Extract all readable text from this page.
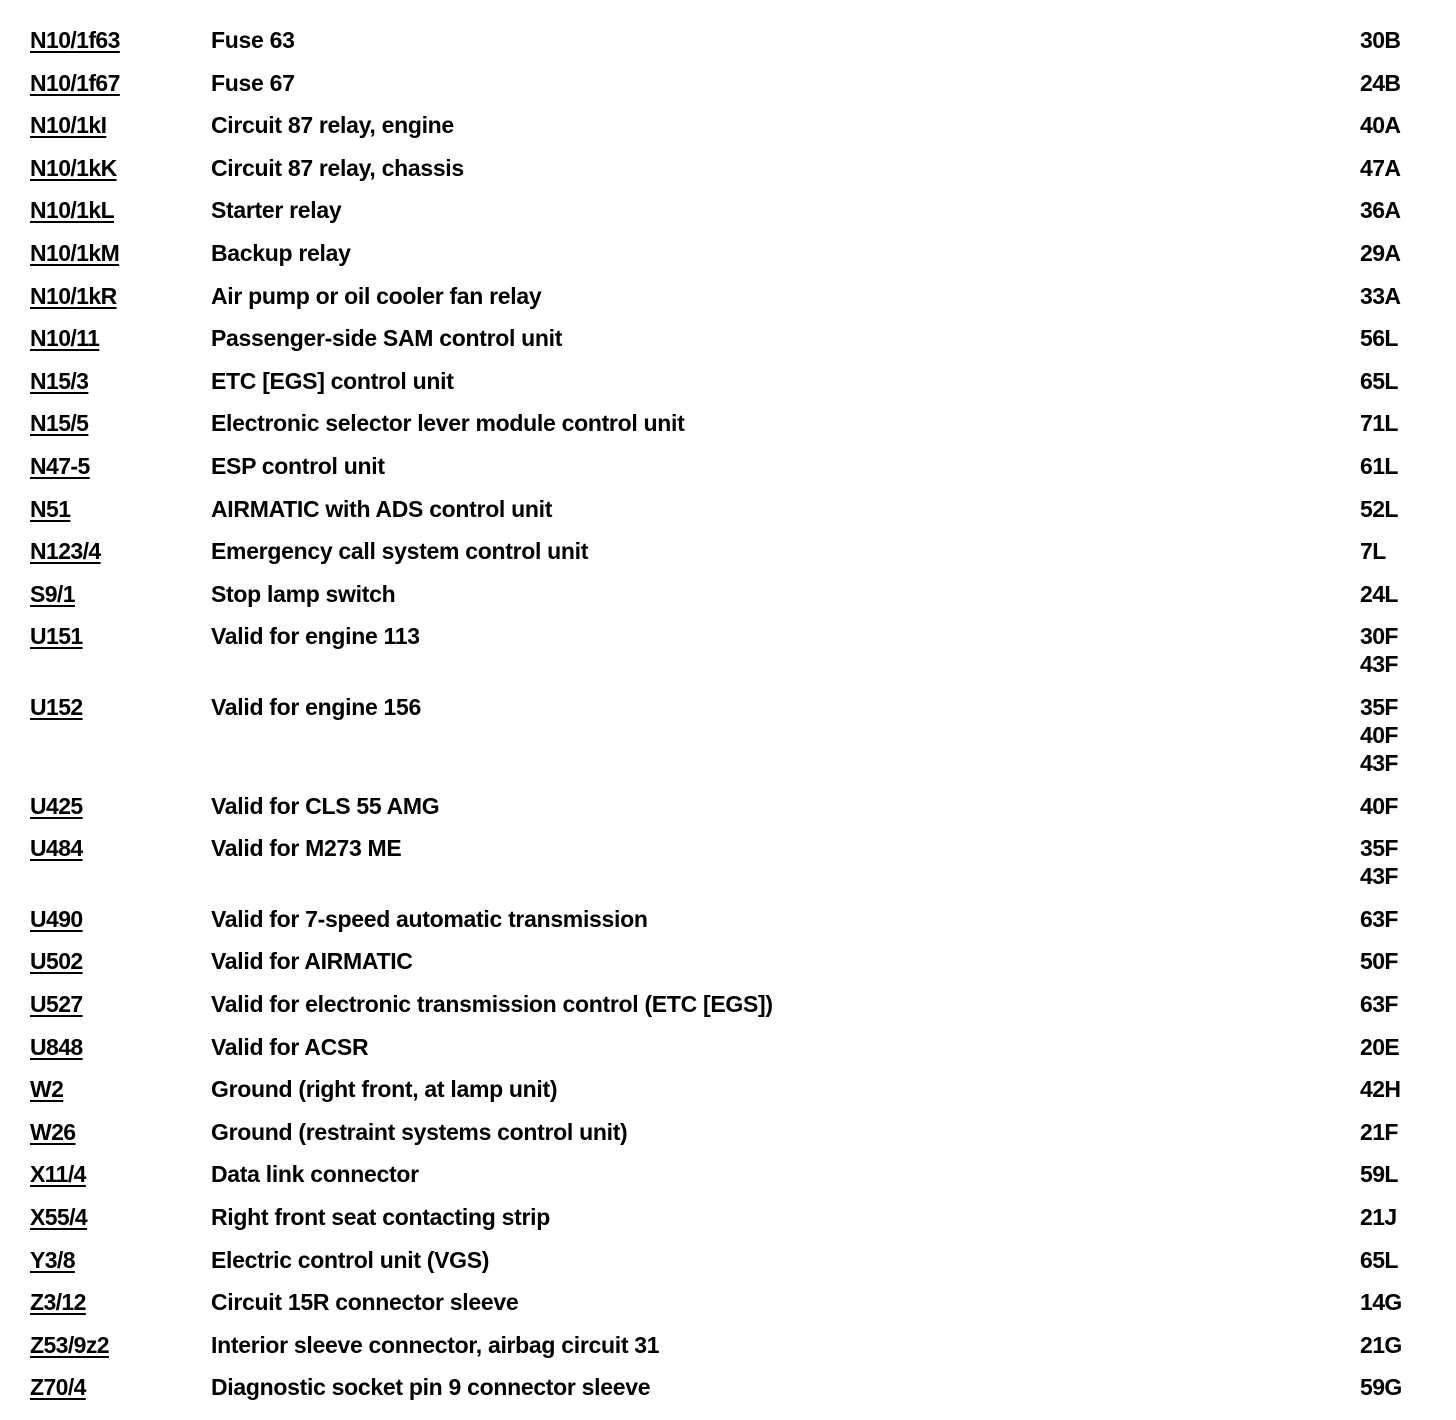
N10/1f63	Fuse 63	30B
N10/1f67	Fuse 67	24B
N10/1kI	Circuit 87 relay, engine	40A
N10/1kK	Circuit 87 relay, chassis	47A
N10/1kL	Starter relay	36A
N10/1kM	Backup relay	29A
N10/1kR	Air pump or oil cooler fan relay	33A
N10/11	Passenger-side SAM control unit	56L
N15/3	ETC [EGS] control unit	65L
N15/5	Electronic selector lever module control unit	71L
N47-5	ESP control unit	61L
N51	AIRMATIC with ADS control unit	52L
N123/4	Emergency call system control unit	7L
S9/1	Stop lamp switch	24L
U151	Valid for engine 113	30F
43F
U152	Valid for engine 156	35F
40F
43F
U425	Valid for CLS 55 AMG	40F
U484	Valid for M273 ME	35F
43F
U490	Valid for 7-speed automatic transmission	63F
U502	Valid for AIRMATIC	50F
U527	Valid for electronic transmission control (ETC [EGS])	63F
U848	Valid for ACSR	20E
W2	Ground (right front, at lamp unit)	42H
W26	Ground (restraint systems control unit)	21F
X11/4	Data link connector	59L
X55/4	Right front seat contacting strip	21J
Y3/8	Electric control unit (VGS)	65L
Z3/12	Circuit 15R connector sleeve	14G
Z53/9z2	Interior sleeve connector, airbag circuit 31	21G
Z70/4	Diagnostic socket pin 9 connector sleeve	59G
